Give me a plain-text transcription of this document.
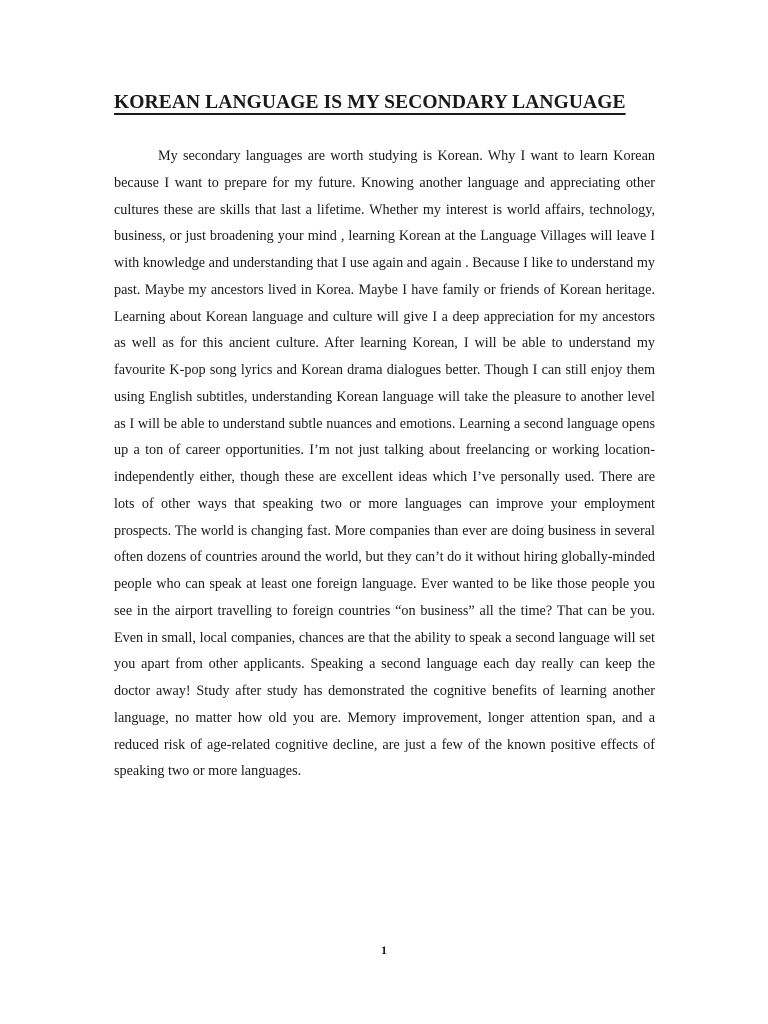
KOREAN LANGUAGE IS MY SECONDARY LANGUAGE

My secondary languages are worth studying is Korean. Why I want to learn Korean because I want to prepare for my future. Knowing another language and appreciating other cultures these are skills that last a lifetime. Whether my interest is world affairs, technology, business, or just broadening your mind , learning Korean at the Language Villages will leave I with knowledge and understanding that I use again and again . Because I like to understand my past. Maybe my ancestors lived in Korea. Maybe I have family or friends of Korean heritage. Learning about Korean language and culture will give I a deep appreciation for my ancestors as well as for this ancient culture. After learning Korean, I will be able to understand my favourite K-pop song lyrics and Korean drama dialogues better. Though I can still enjoy them using English subtitles, understanding Korean language will take the pleasure to another level as I will be able to understand subtle nuances and emotions. Learning a second language opens up a ton of career opportunities. I’m not just talking about freelancing or working location-independently either, though these are excellent ideas which I’ve personally used. There are lots of other ways that speaking two or more languages can improve your employment prospects. The world is changing fast. More companies than ever are doing business in several often dozens of countries around the world, but they can’t do it without hiring globally-minded people who can speak at least one foreign language. Ever wanted to be like those people you see in the airport travelling to foreign countries “on business” all the time? That can be you. Even in small, local companies, chances are that the ability to speak a second language will set you apart from other applicants. Speaking a second language each day really can keep the doctor away! Study after study has demonstrated the cognitive benefits of learning another language, no matter how old you are. Memory improvement, longer attention span, and a reduced risk of age-related cognitive decline, are just a few of the known positive effects of speaking two or more languages.

1
